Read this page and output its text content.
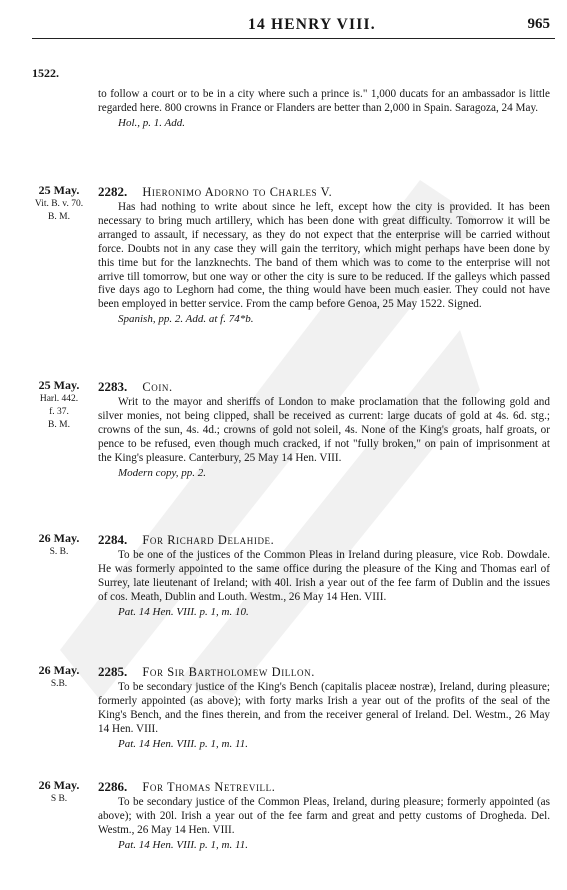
14 HENRY VIII.	965
1522.

to follow a court or to be in a city where such a prince is." 1,000 ducats for an ambassador is little regarded here. 800 crowns in France or Flanders are better than 2,000 in Spain. Saragoza, 24 May.

Hol., p. 1. Add.

25 May.
Vit. B. v. 70.
B. M.
2282. Hieronimo Adorno to Charles V.

Has had nothing to write about since he left, except how the city is provided. It has been necessary to bring much artillery, which has been done with great difficulty. Tomorrow it will be arranged to assault, if necessary, as they do not expect that the enterprise will be carried without force. Doubts not in any case they will gain the territory, which might perhaps have been done by this time but for the lanzknechts. The band of them which was to come to the enterprise will not arrive till tomorrow, but one way or other the city is sure to be reduced. If the galleys which passed five days ago to Leghorn had come, the thing would have been much easier. They could not have been employed in better service. From the camp before Genoa, 25 May 1522. Signed.

Spanish, pp. 2. Add. at f. 74*b.

25 May.
Harl. 442.
f. 37.
B. M.
2283. Coin.

Writ to the mayor and sheriffs of London to make proclamation that the following gold and silver monies, not being clipped, shall be received as current: large ducats of gold at 4s. 6d. stg.; crowns of the sun, 4s. 4d.; crowns of gold not soleil, 4s. None of the King's groats, half groats, or pence to be refused, even though much cracked, if not "fully broken," on pain of imprisonment at the King's pleasure. Canterbury, 25 May 14 Hen. VIII.

Modern copy, pp. 2.

26 May.
S. B.
2284. For Richard Delahide.

To be one of the justices of the Common Pleas in Ireland during pleasure, vice Rob. Dowdale. He was formerly appointed to the same office during the pleasure of the King and Thomas earl of Surrey, late lieutenant of Ireland; with 40l. Irish a year out of the fee farm of Dublin and the issues of cos. Meath, Dublin and Louth. Westm., 26 May 14 Hen. VIII.

Pat. 14 Hen. VIII. p. 1, m. 10.

26 May.
S.B.
2285. For Sir Bartholomew Dillon.

To be secondary justice of the King's Bench (capitalis placeæ nostræ), Ireland, during pleasure; formerly appointed (as above); with forty marks Irish a year out of the profits of the seal of the King's Bench, and the fines therein, and from the receiver general of Ireland. Del. Westm., 26 May 14 Hen. VIII.

Pat. 14 Hen. VIII. p. 1, m. 11.

26 May.
S B.
2286. For Thomas Netrevill.

To be secondary justice of the Common Pleas, Ireland, during pleasure; formerly appointed (as above); with 20l. Irish a year out of the fee farm and great and petty customs of Drogheda. Del. Westm., 26 May 14 Hen. VIII.

Pat. 14 Hen. VIII. p. 1, m. 11.
